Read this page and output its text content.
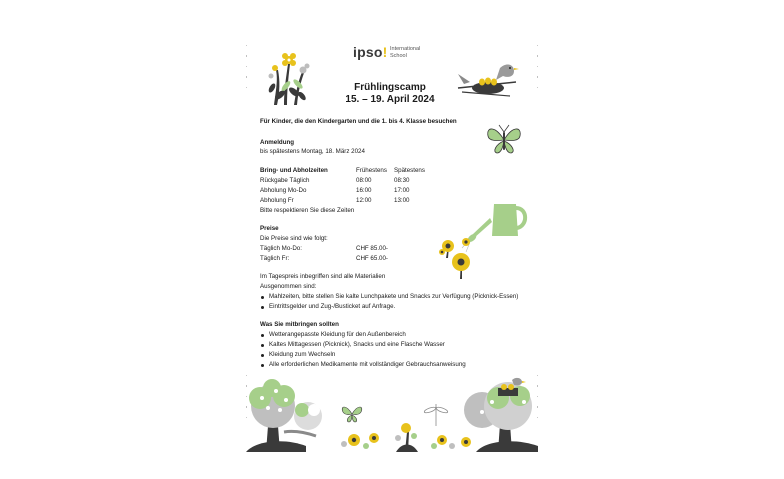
ipso! International
School
Frühlingscamp
15. – 19. April 2024
Für Kinder, die den Kindergarten und die 1. bis 4. Klasse besuchen
Anmeldung
bis spätestens Montag, 18. März 2024
Bring- und Abholzeiten	Frühestens Spätestens
Rückgabe Täglich	08:00	08:30
Abholung Mo-Do	16:00	17:00
Abholung Fr	12:00	13:00
Bitte respektieren Sie diese Zeiten
Preise
Die Preise sind wie folgt:
Täglich Mo-Do:	CHF 85.00-
Täglich Fr:	CHF 65.00-
Im Tagespreis inbegriffen sind alle Materialien
Ausgenommen sind:
Mahlzeiten, bitte stellen Sie kalte Lunchpakete und Snacks zur Verfügung (Picknick-Essen)
Eintrittsgelder und Zug-/Busticket auf Anfrage.
Was Sie mitbringen sollten
Wetterangepasste Kleidung für den Außenbereich
Kaltes Mittagessen (Picknick), Snacks und eine Flasche Wasser
Kleidung zum Wechseln
Alle erforderlichen Medikamente mit vollständiger Gebrauchsanweisung
